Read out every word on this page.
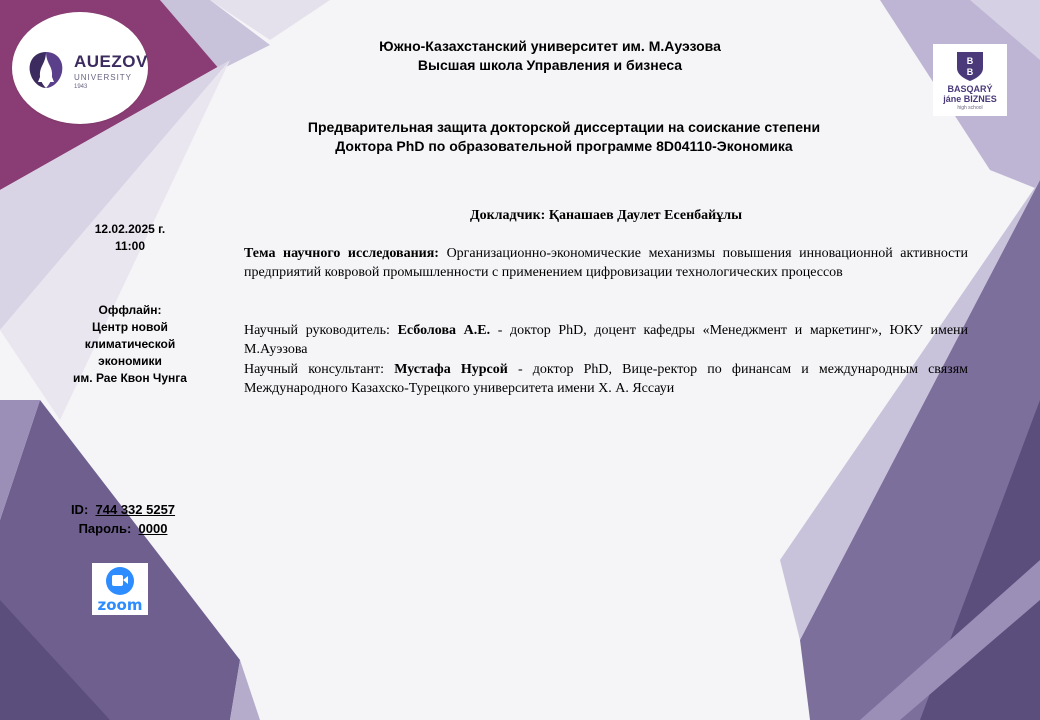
AUEZOV
UNIVERSITY
1943
B
B
BASQARÝ
jáne BIZNES
high school
Южно-Казахстанский университет им. М.Ауэзова
Высшая школа Управления и бизнеса
Предварительная защита докторской диссертации на соискание степени
Доктора PhD по образовательной программе 8D04110-Экономика
12.02.2025 г.
11:00
Оффлайн:
Центр новой
климатической
экономики
им. Рае Квон Чунга
ID: 744 332 5257
Пароль: 0000
zoom

Докладчик: Қанашаев Даулет Есенбайұлы

Тема научного исследования: Организационно-экономические механизмы повышения инновационной активности предприятий ковровой промышленности с применением цифровизации технологических процессов

Научный руководитель: Есболова А.Е. - доктор PhD, доцент кафедры «Менеджмент и маркетинг», ЮКУ имени М.Ауэзова

Научный консультант: Мустафа Нурсой - доктор PhD, Вице-ректор по финансам и международным связям Международного Казахско-Турецкого университета имени Х. А. Яссауи
